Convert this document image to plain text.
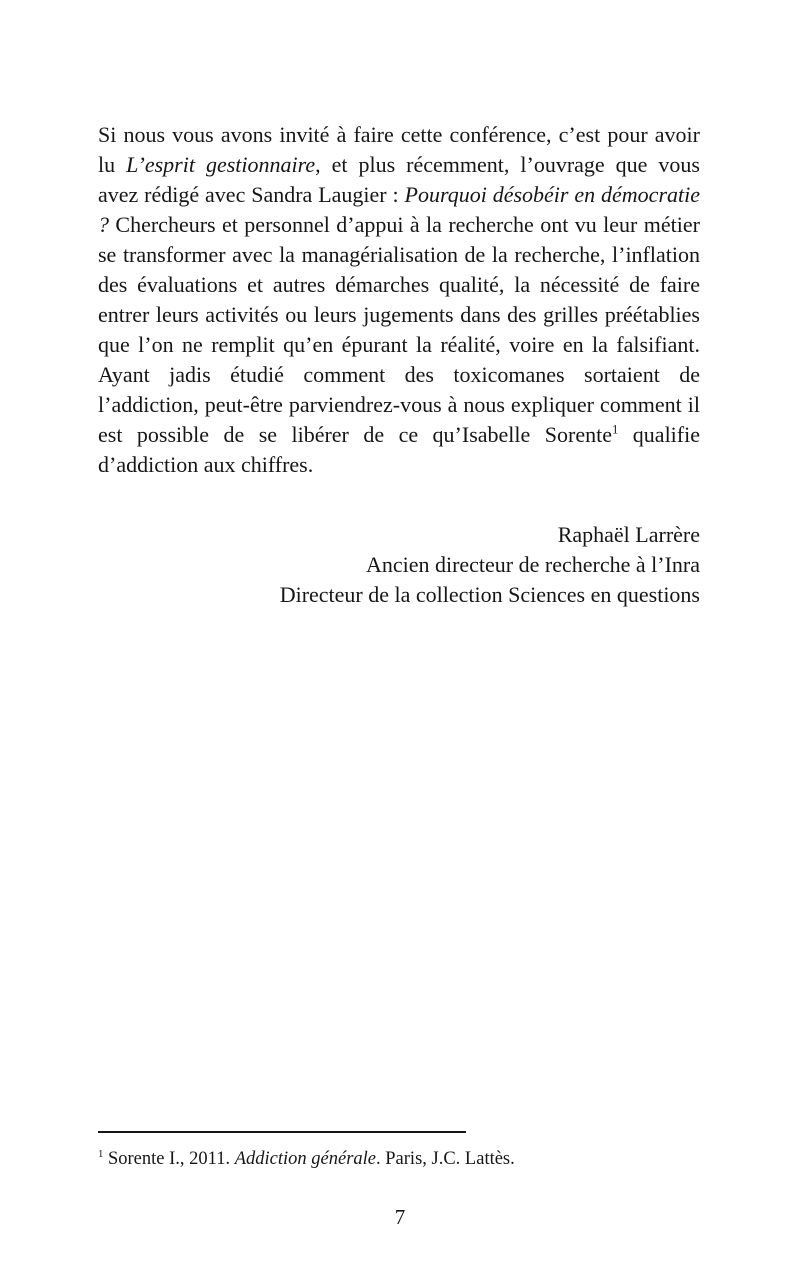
Si nous vous avons invité à faire cette conférence, c’est pour avoir lu L’esprit gestionnaire, et plus récemment, l’ouvrage que vous avez rédigé avec Sandra Laugier : Pourquoi désobéir en démocratie ? Chercheurs et personnel d’appui à la recherche ont vu leur métier se transformer avec la managérialisation de la recherche, l’inflation des évaluations et autres démarches qualité, la nécessité de faire entrer leurs activités ou leurs jugements dans des grilles préétablies que l’on ne remplit qu’en épurant la réalité, voire en la falsifiant. Ayant jadis étudié comment des toxicomanes sortaient de l’addiction, peut-être parviendrez-vous à nous expliquer comment il est possible de se libérer de ce qu’Isabelle Sorente$^1$ qualifie d’addiction aux chiffres.

Raphaël Larrère
Ancien directeur de recherche à l’Inra
Directeur de la collection Sciences en questions

$^1$ Sorente I., 2011. Addiction générale. Paris, J.C. Lattès.

7
